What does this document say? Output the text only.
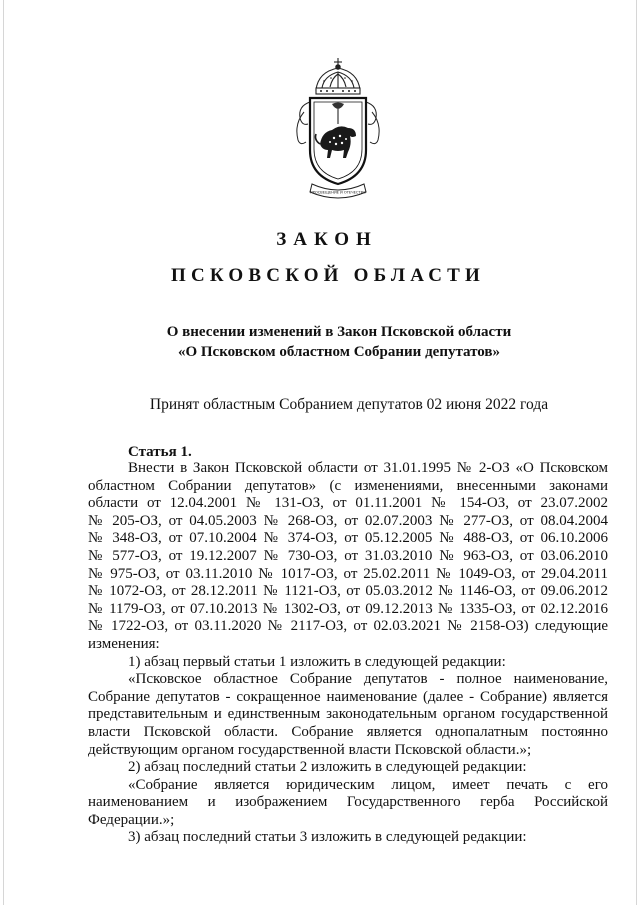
ПРОСВЕЩЕНИЕ И ОТЕЧЕСТВО
ЗАКОН
ПСКОВСКОЙ ОБЛАСТИ
О внесении изменений в Закон Псковской области
«О Псковском областном Собрании депутатов»
Принят областным Собранием депутатов 02 июня 2022 года
Статья 1.
Внести в Закон Псковской области от 31.01.1995 № 2-ОЗ «О Псковском
областном Собрании депутатов» (с изменениями, внесенными законами
области от 12.04.2001 № 131-ОЗ, от 01.11.2001 № 154-ОЗ, от 23.07.2002
№ 205-ОЗ, от 04.05.2003 № 268-ОЗ, от 02.07.2003 № 277-ОЗ, от 08.04.2004
№ 348-ОЗ, от 07.10.2004 № 374-ОЗ, от 05.12.2005 № 488-ОЗ, от 06.10.2006
№ 577-ОЗ, от 19.12.2007 № 730-ОЗ, от 31.03.2010 № 963-ОЗ, от 03.06.2010
№ 975-ОЗ, от 03.11.2010 № 1017-ОЗ, от 25.02.2011 № 1049-ОЗ, от 29.04.2011
№ 1072-ОЗ, от 28.12.2011 № 1121-ОЗ, от 05.03.2012 № 1146-ОЗ, от 09.06.2012
№ 1179-ОЗ, от 07.10.2013 № 1302-ОЗ, от 09.12.2013 № 1335-ОЗ, от 02.12.2016
№ 1722-ОЗ, от 03.11.2020 № 2117-ОЗ, от 02.03.2021 № 2158-ОЗ) следующие
изменения:
1) абзац первый статьи 1 изложить в следующей редакции:
«Псковское областное Собрание депутатов - полное наименование,
Собрание депутатов - сокращенное наименование (далее - Собрание) является
представительным и единственным законодательным органом государственной
власти Псковской области. Собрание является однопалатным постоянно
действующим органом государственной власти Псковской области.»;
2) абзац последний статьи 2 изложить в следующей редакции:
«Собрание является юридическим лицом, имеет печать с его
наименованием и изображением Государственного герба Российской
Федерации.»;
3) абзац последний статьи 3 изложить в следующей редакции:
